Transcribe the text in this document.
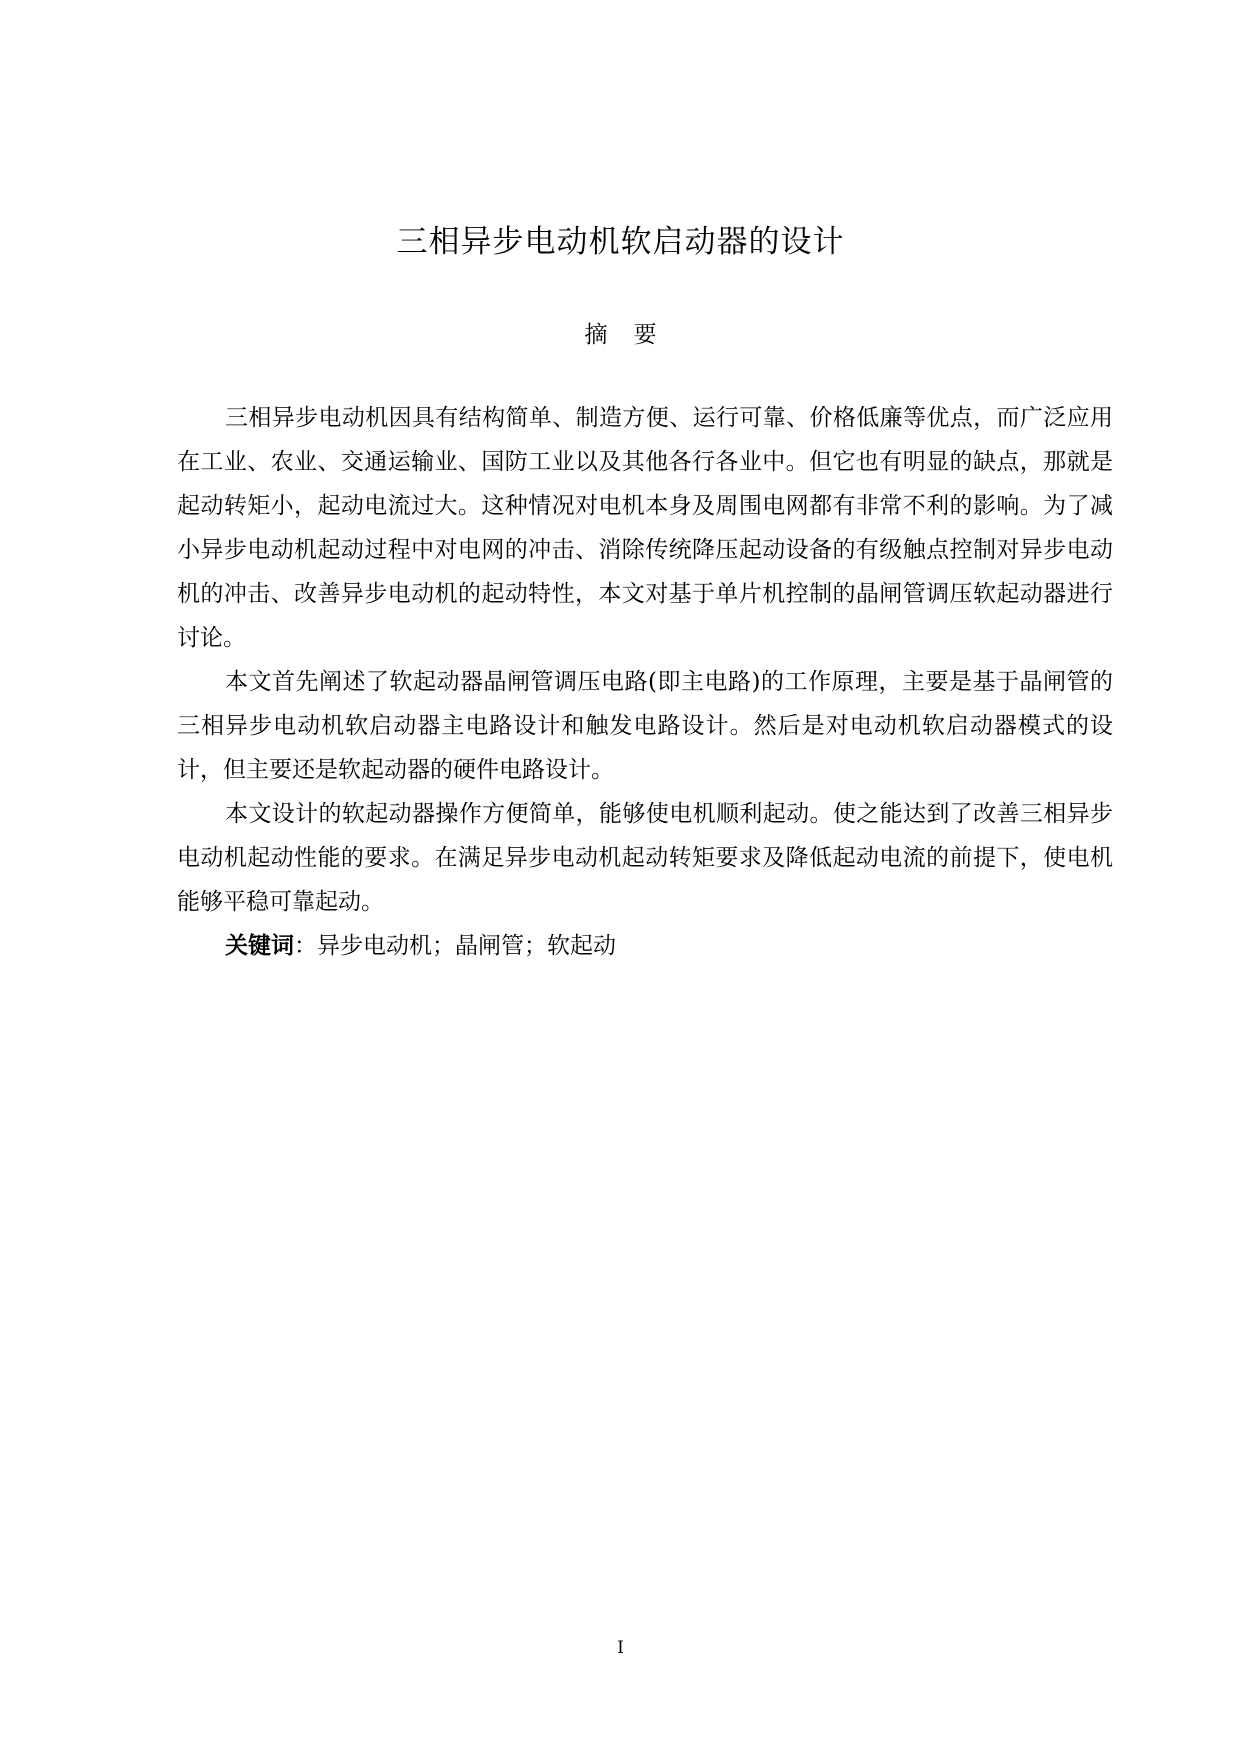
三相异步电动机软启动器的设计
摘 要

三相异步电动机因具有结构简单、制造方便、运行可靠、价格低廉等优点，而广泛应用在工业、农业、交通运输业、国防工业以及其他各行各业中。但它也有明显的缺点，那就是起动转矩小，起动电流过大。这种情况对电机本身及周围电网都有非常不利的影响。为了减小异步电动机起动过程中对电网的冲击、消除传统降压起动设备的有级触点控制对异步电动机的冲击、改善异步电动机的起动特性，本文对基于单片机控制的晶闸管调压软起动器进行讨论。

本文首先阐述了软起动器晶闸管调压电路(即主电路)的工作原理，主要是基于晶闸管的三相异步电动机软启动器主电路设计和触发电路设计。然后是对电动机软启动器模式的设计，但主要还是软起动器的硬件电路设计。

本文设计的软起动器操作方便简单，能够使电机顺利起动。使之能达到了改善三相异步电动机起动性能的要求。在满足异步电动机起动转矩要求及降低起动电流的前提下，使电机能够平稳可靠起动。

关键词：异步电动机；晶闸管；软起动

I
